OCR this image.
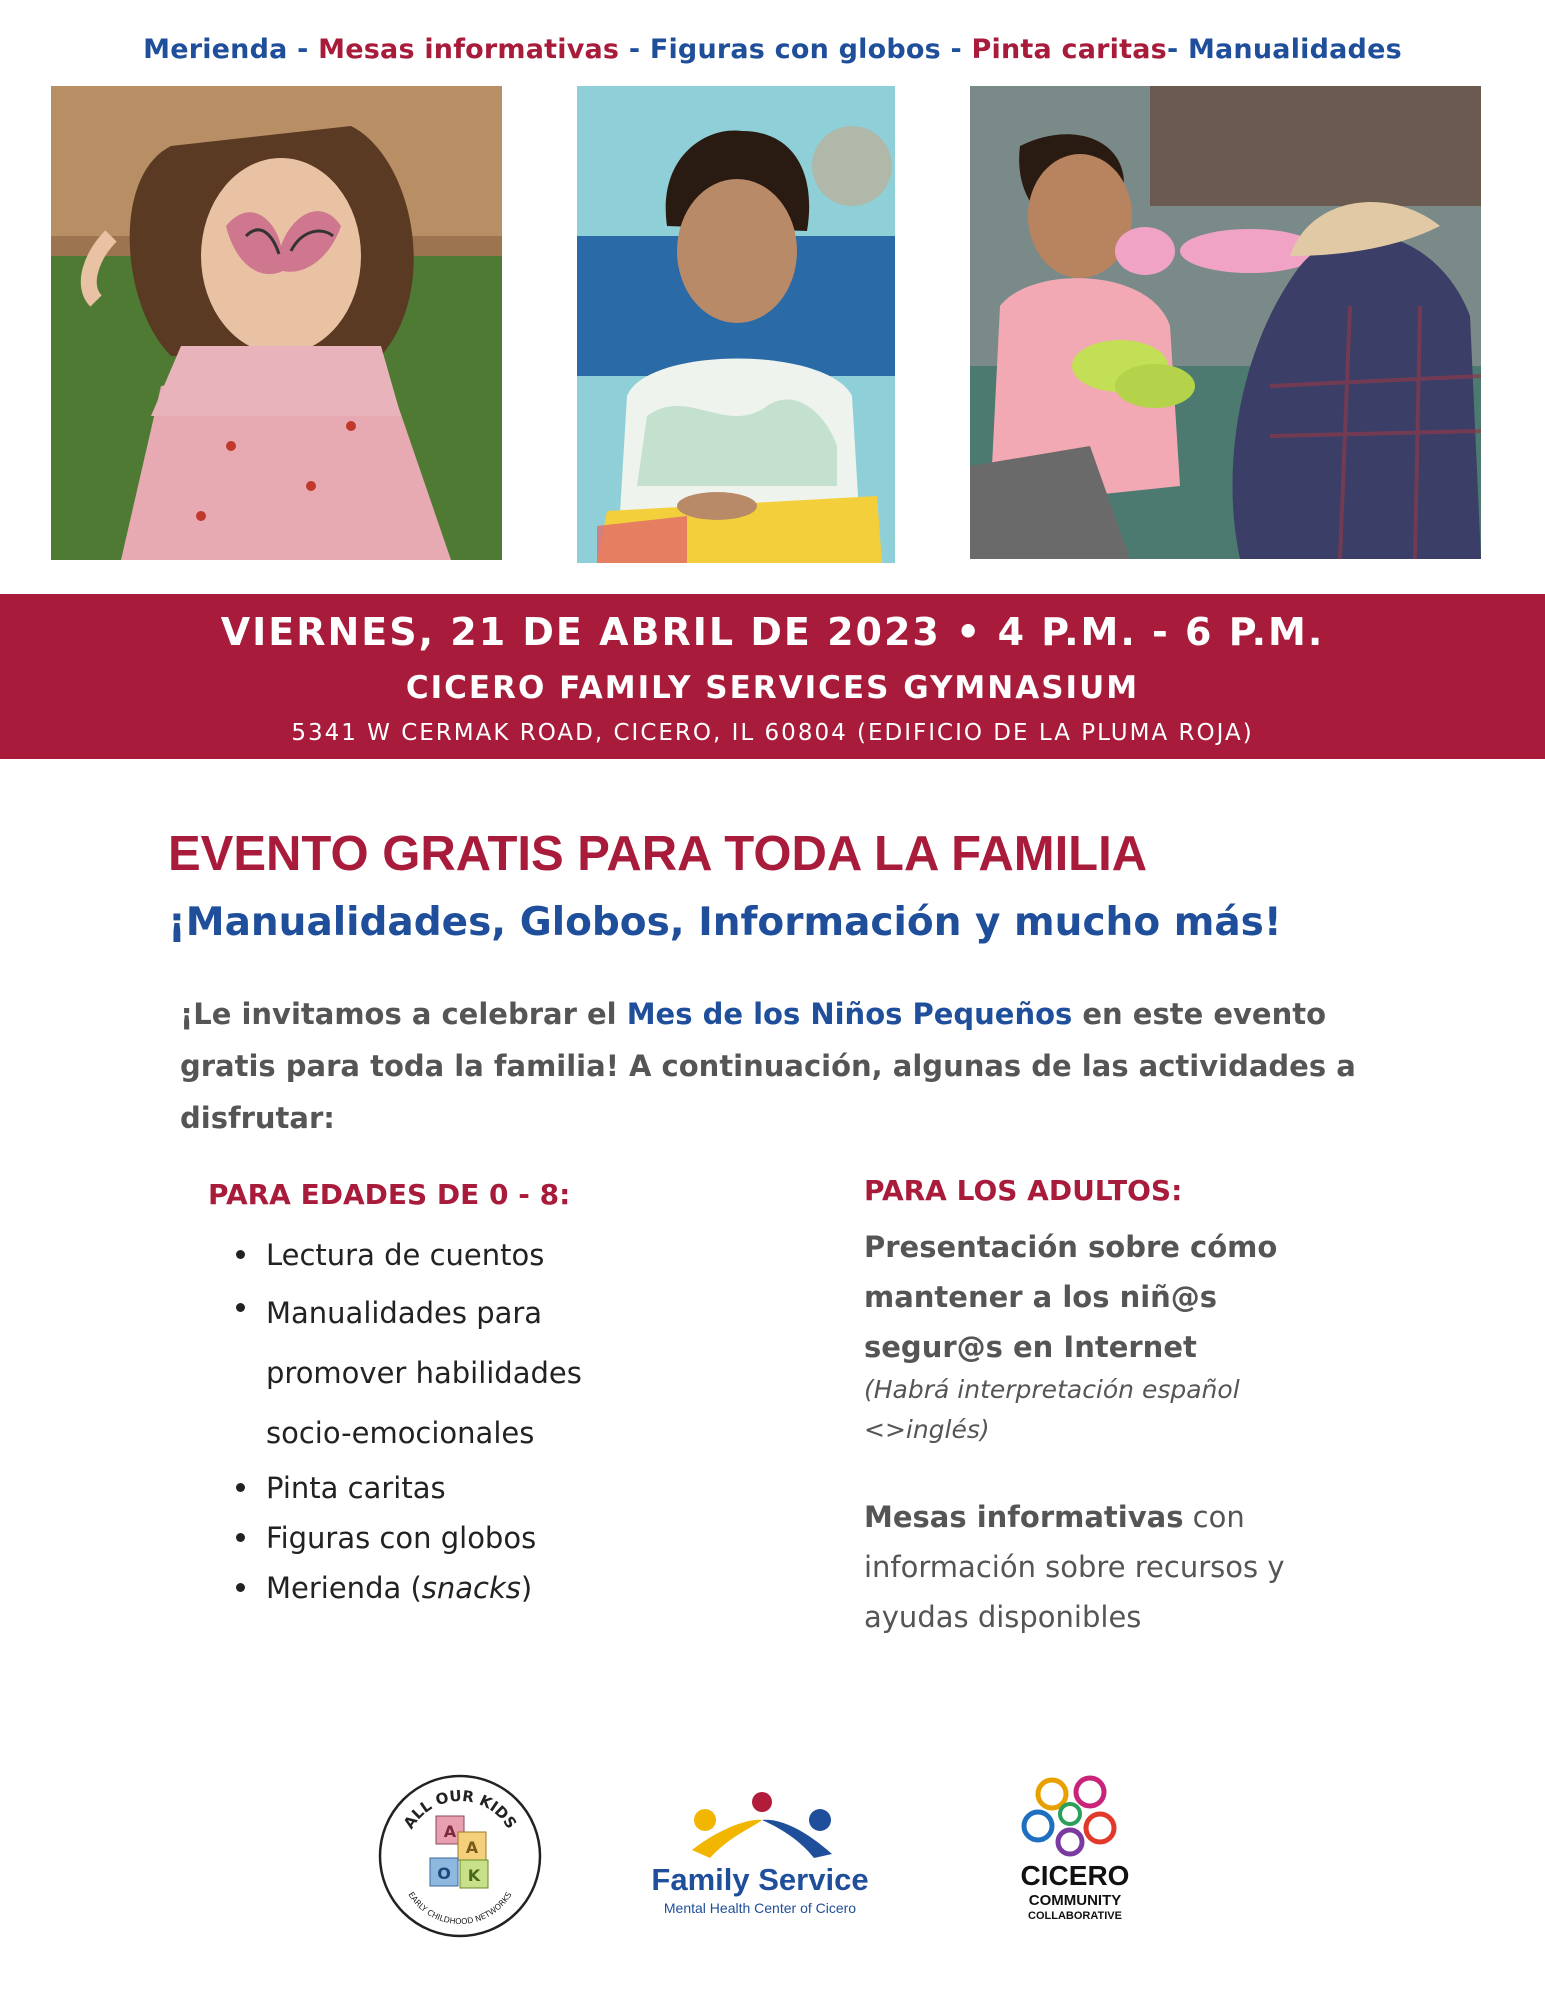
Merienda - Mesas informativas - Figuras con globos - Pinta caritas- Manualidades
VIERNES, 21 DE ABRIL DE 2023 • 4 P.M. - 6 P.M.
CICERO FAMILY SERVICES GYMNASIUM
5341 W CERMAK ROAD, CICERO, IL 60804 (EDIFICIO DE LA PLUMA ROJA)
EVENTO GRATIS PARA TODA LA FAMILIA
¡Manualidades, Globos, Información y mucho más!
¡Le invitamos a celebrar el Mes de los Niños Pequeños en este evento gratis para toda la familia! A continuación, algunas de las actividades a disfrutar:
PARA EDADES DE 0 - 8:
Lectura de cuentos
Manualidades para promover habilidades socio-emocionales
Pinta caritas
Figuras con globos
Merienda (snacks)
PARA LOS ADULTOS:
Presentación sobre cómo mantener a los niñ@s segur@s en Internet
(Habrá interpretación español <>inglés)
Mesas informativas con información sobre recursos y ayudas disponibles
ALL OUR KIDS
EARLY CHILDHOOD NETWORKS
A
A
O K	Family Service
Mental Health Center of Cicero
CICERO
COMMUNITY
COLLABORATIVE
